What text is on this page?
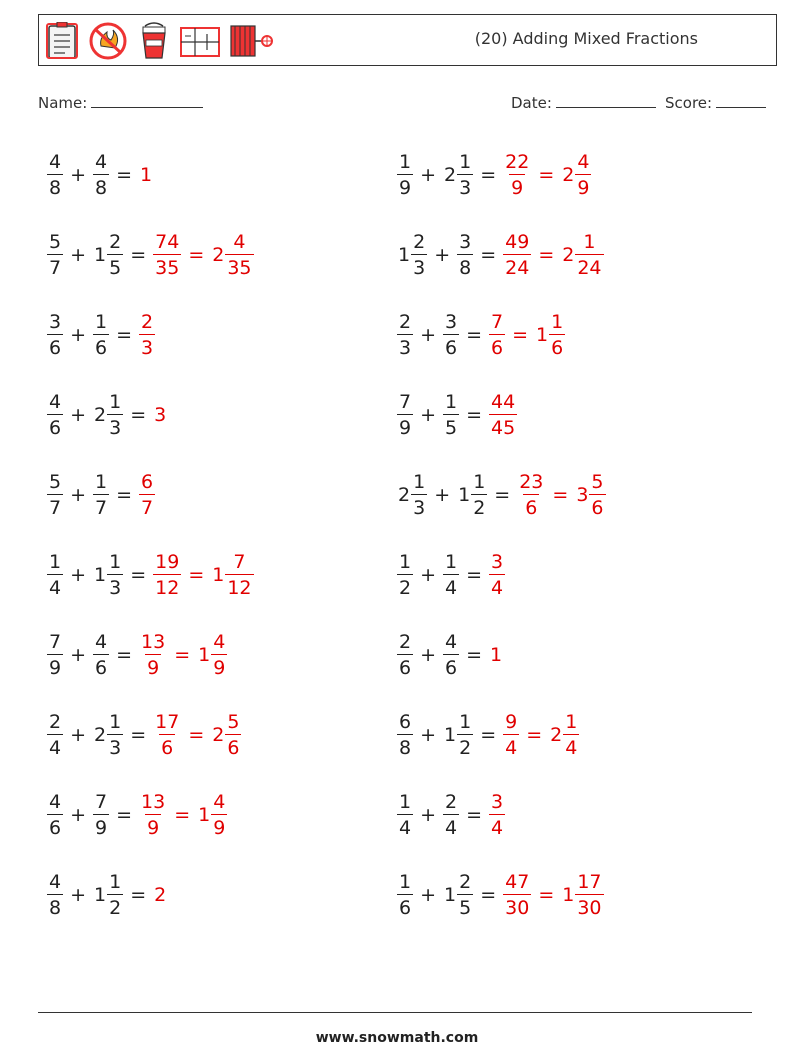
(20) Adding Mixed Fractions
Name:	Date:	Score:
$\frac{4}{8} + \frac{4}{8} = 1$	$\frac{1}{9} + 2 \frac{1}{3} = \frac{22}{9} = 2 \frac{4}{9}$
$\frac{5}{7} + 1 \frac{2}{5} = \frac{74}{35} = 2 \frac{4}{35}$	$1 \frac{2}{3} + \frac{3}{8} = \frac{49}{24} = 2 \frac{1}{24}$
$\frac{3}{6} + \frac{1}{6} = \frac{2}{3}$	$\frac{2}{3} + \frac{3}{6} = \frac{7}{6} = 1 \frac{1}{6}$
$\frac{4}{6} + 2 \frac{1}{3} = 3$	$\frac{7}{9} + \frac{1}{5} = \frac{44}{45}$
$\frac{5}{7} + \frac{1}{7} = \frac{6}{7}$	$2 \frac{1}{3} + 1 \frac{1}{2} = \frac{23}{6} = 3 \frac{5}{6}$
$\frac{1}{4} + 1 \frac{1}{3} = \frac{19}{12} = 1 \frac{7}{12}$	$\frac{1}{2} + \frac{1}{4} = \frac{3}{4}$
$\frac{7}{9} + \frac{4}{6} = \frac{13}{9} = 1 \frac{4}{9}$	$\frac{2}{6} + \frac{4}{6} = 1$
$\frac{2}{4} + 2 \frac{1}{3} = \frac{17}{6} = 2 \frac{5}{6}$	$\frac{6}{8} + 1 \frac{1}{2} = \frac{9}{4} = 2 \frac{1}{4}$
$\frac{4}{6} + \frac{7}{9} = \frac{13}{9} = 1 \frac{4}{9}$	$\frac{1}{4} + \frac{2}{4} = \frac{3}{4}$
$\frac{4}{8} + 1 \frac{1}{2} = 2$	$\frac{1}{6} + 1 \frac{2}{5} = \frac{47}{30} = 1 \frac{17}{30}$
www.snowmath.com
